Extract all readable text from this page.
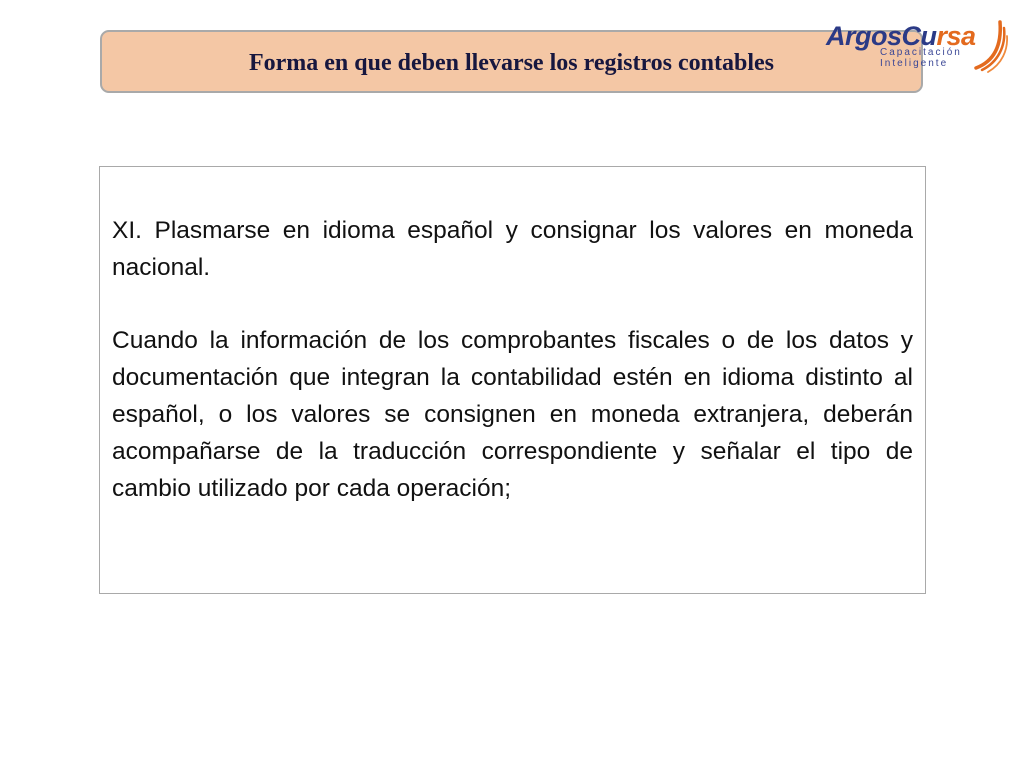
Forma en que deben llevarse los registros contables
ArgosCursa
Capacitación
Inteligente

XI. Plasmarse en idioma español y consignar los valores en moneda nacional.

Cuando la información de los comprobantes fiscales o de los datos y documentación que integran la contabilidad estén en idioma distinto al español, o los valores se consignen en moneda extranjera, deberán acompañarse de la traducción correspondiente y señalar el tipo de cambio utilizado por cada operación;
